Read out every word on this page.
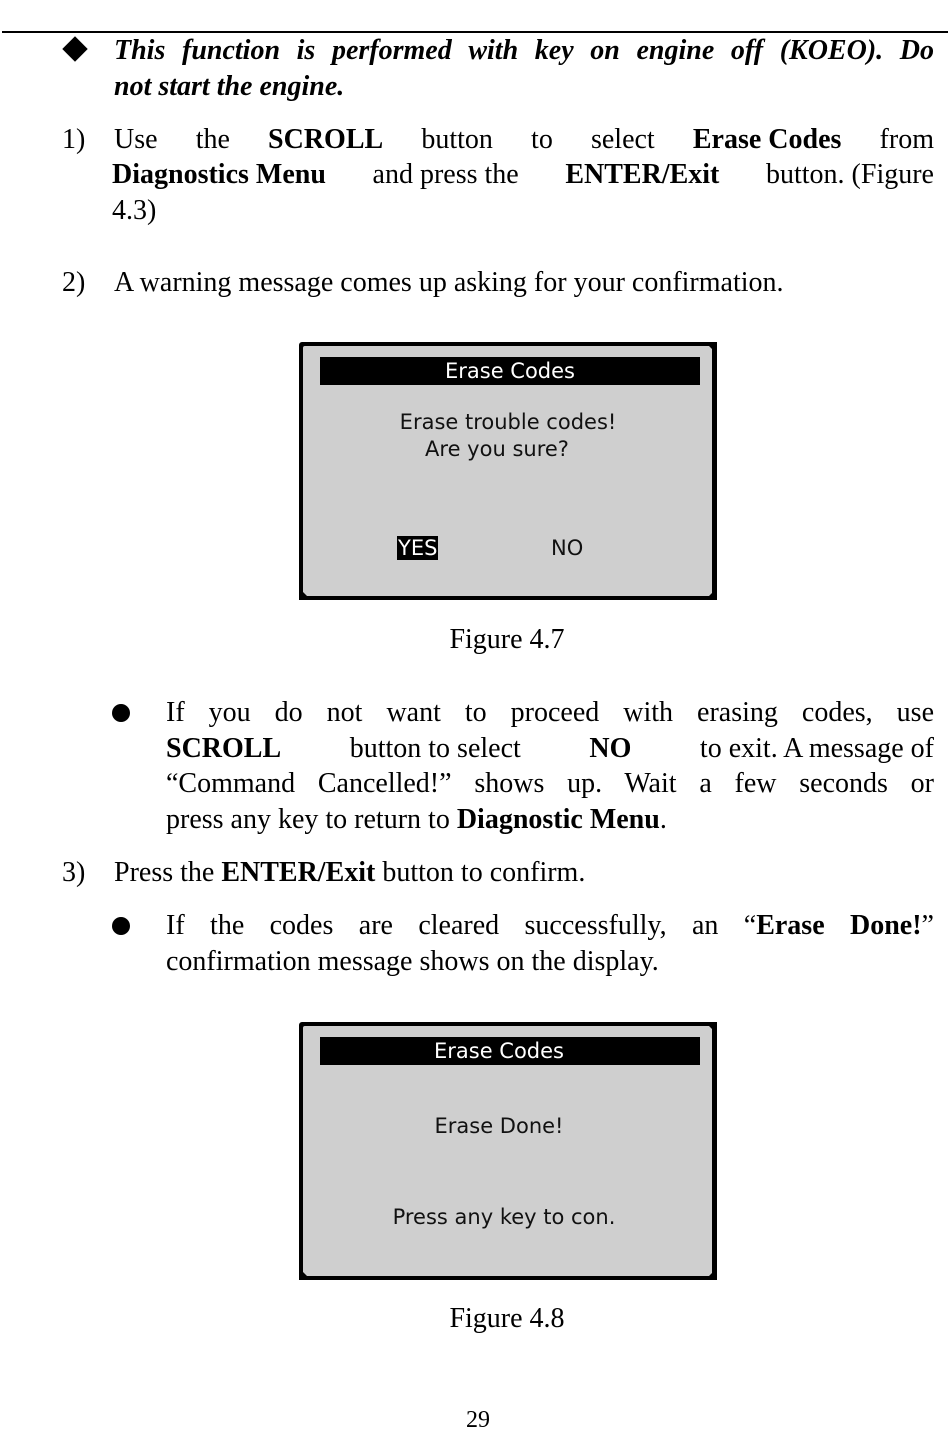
This function is performed with key on engine off (KOEO). Do
not start the engine.
1) Use the SCROLL button to select Erase Codes from
Diagnostics Menu and press the ENTER/Exit button. (Figure
4.3)
2) A warning message comes up asking for your confirmation.
Erase Codes
Erase trouble codes!
Are you sure?
YES	NO
Figure 4.7
If you do not want to proceed with erasing codes, use
SCROLL button to select NO to exit. A message of
“Command Cancelled!” shows up. Wait a few seconds or
press any key to return to Diagnostic Menu.
3) Press the ENTER/Exit button to confirm.
If the codes are cleared successfully, an “Erase Done!”
confirmation message shows on the display.
Erase Codes
Erase Done!
Press any key to con.
Figure 4.8
29
